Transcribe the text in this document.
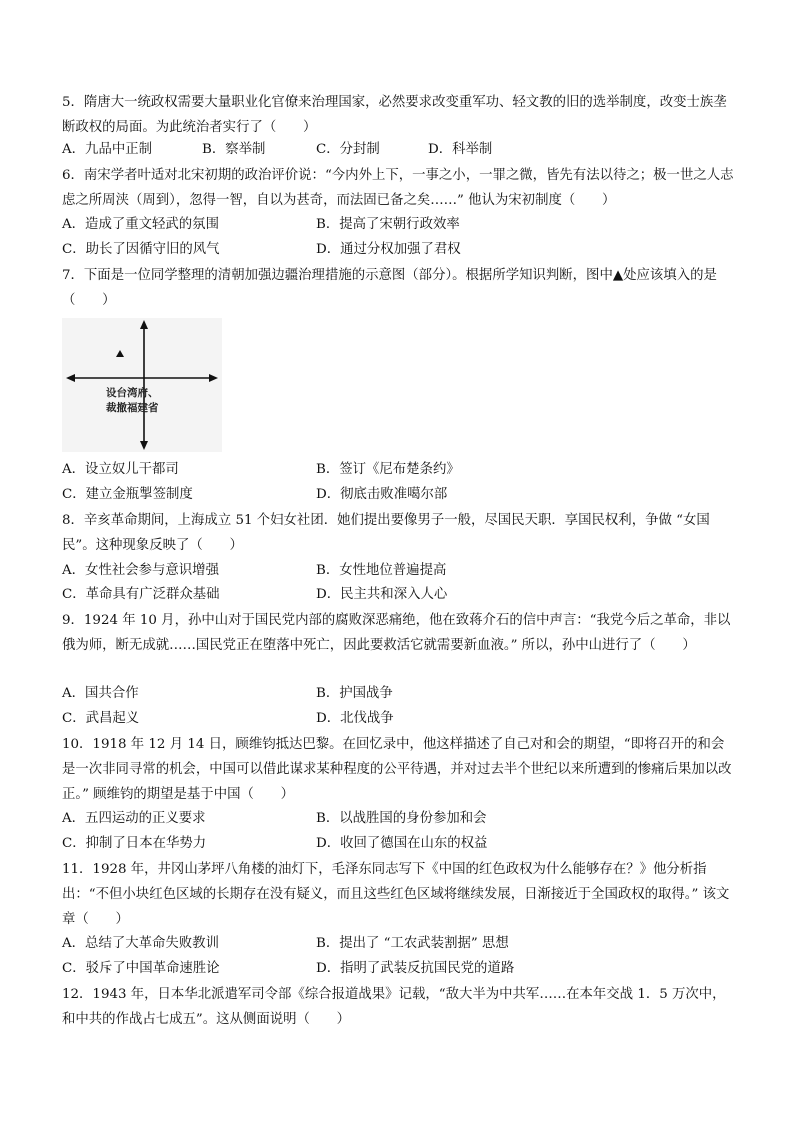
5．隋唐大一统政权需要大量职业化官僚来治理国家，必然要求改变重军功、轻文教的旧的选举制度，改变士族垄断政权的局面。为此统治者实行了（　　）
A．九品中正制	B．察举制	C．分封制	D．科举制
6．南宋学者叶适对北宋初期的政治评价说：“今内外上下，一事之小，一罪之微，皆先有法以待之；极一世之人志虑之所周浃（周到），忽得一智，自以为甚奇，而法固已备之矣……” 他认为宋初制度（　　）
A．造成了重文轻武的氛围	B．提高了宋朝行政效率
C．助长了因循守旧的风气	D．通过分权加强了君权
7．下面是一位同学整理的清朝加强边疆治理措施的示意图（部分）。根据所学知识判断，图中▲处应该填入的是（　　）
设台湾府、裁撤福建省
A．设立奴儿干都司	B．签订《尼布楚条约》
C．建立金瓶掣签制度	D．彻底击败准噶尔部
8．辛亥革命期间，上海成立 51 个妇女社团．她们提出要像男子一般，尽国民天职．享国民权利，争做 “女国民”。这种现象反映了（　　）
A．女性社会参与意识增强	B．女性地位普遍提高
C．革命具有广泛群众基础	D．民主共和深入人心
9．1924 年 10 月，孙中山对于国民党内部的腐败深恶痛绝，他在致蒋介石的信中声言：“我党今后之革命，非以俄为师，断无成就……国民党正在堕落中死亡，因此要救活它就需要新血液。” 所以，孙中山进行了（　　）
A．国共合作	B．护国战争
C．武昌起义	D．北伐战争
10．1918 年 12 月 14 日，顾维钧抵达巴黎。在回忆录中，他这样描述了自己对和会的期望，“即将召开的和会是一次非同寻常的机会，中国可以借此谋求某种程度的公平待遇，并对过去半个世纪以来所遭到的惨痛后果加以改正。” 顾维钧的期望是基于中国（　　）
A．五四运动的正义要求	B．以战胜国的身份参加和会
C．抑制了日本在华势力	D．收回了德国在山东的权益
11．1928 年，井冈山茅坪八角楼的油灯下，毛泽东同志写下《中国的红色政权为什么能够存在？》他分析指出：“不但小块红色区域的长期存在没有疑义，而且这些红色区域将继续发展，日渐接近于全国政权的取得。” 该文章（　　）
A．总结了大革命失败教训	B．提出了 “工农武装割据” 思想
C．驳斥了中国革命速胜论	D．指明了武装反抗国民党的道路
12．1943 年，日本华北派遣军司令部《综合报道战果》记载，“敌大半为中共军……在本年交战 1．5 万次中，和中共的作战占七成五”。这从侧面说明（　　）
